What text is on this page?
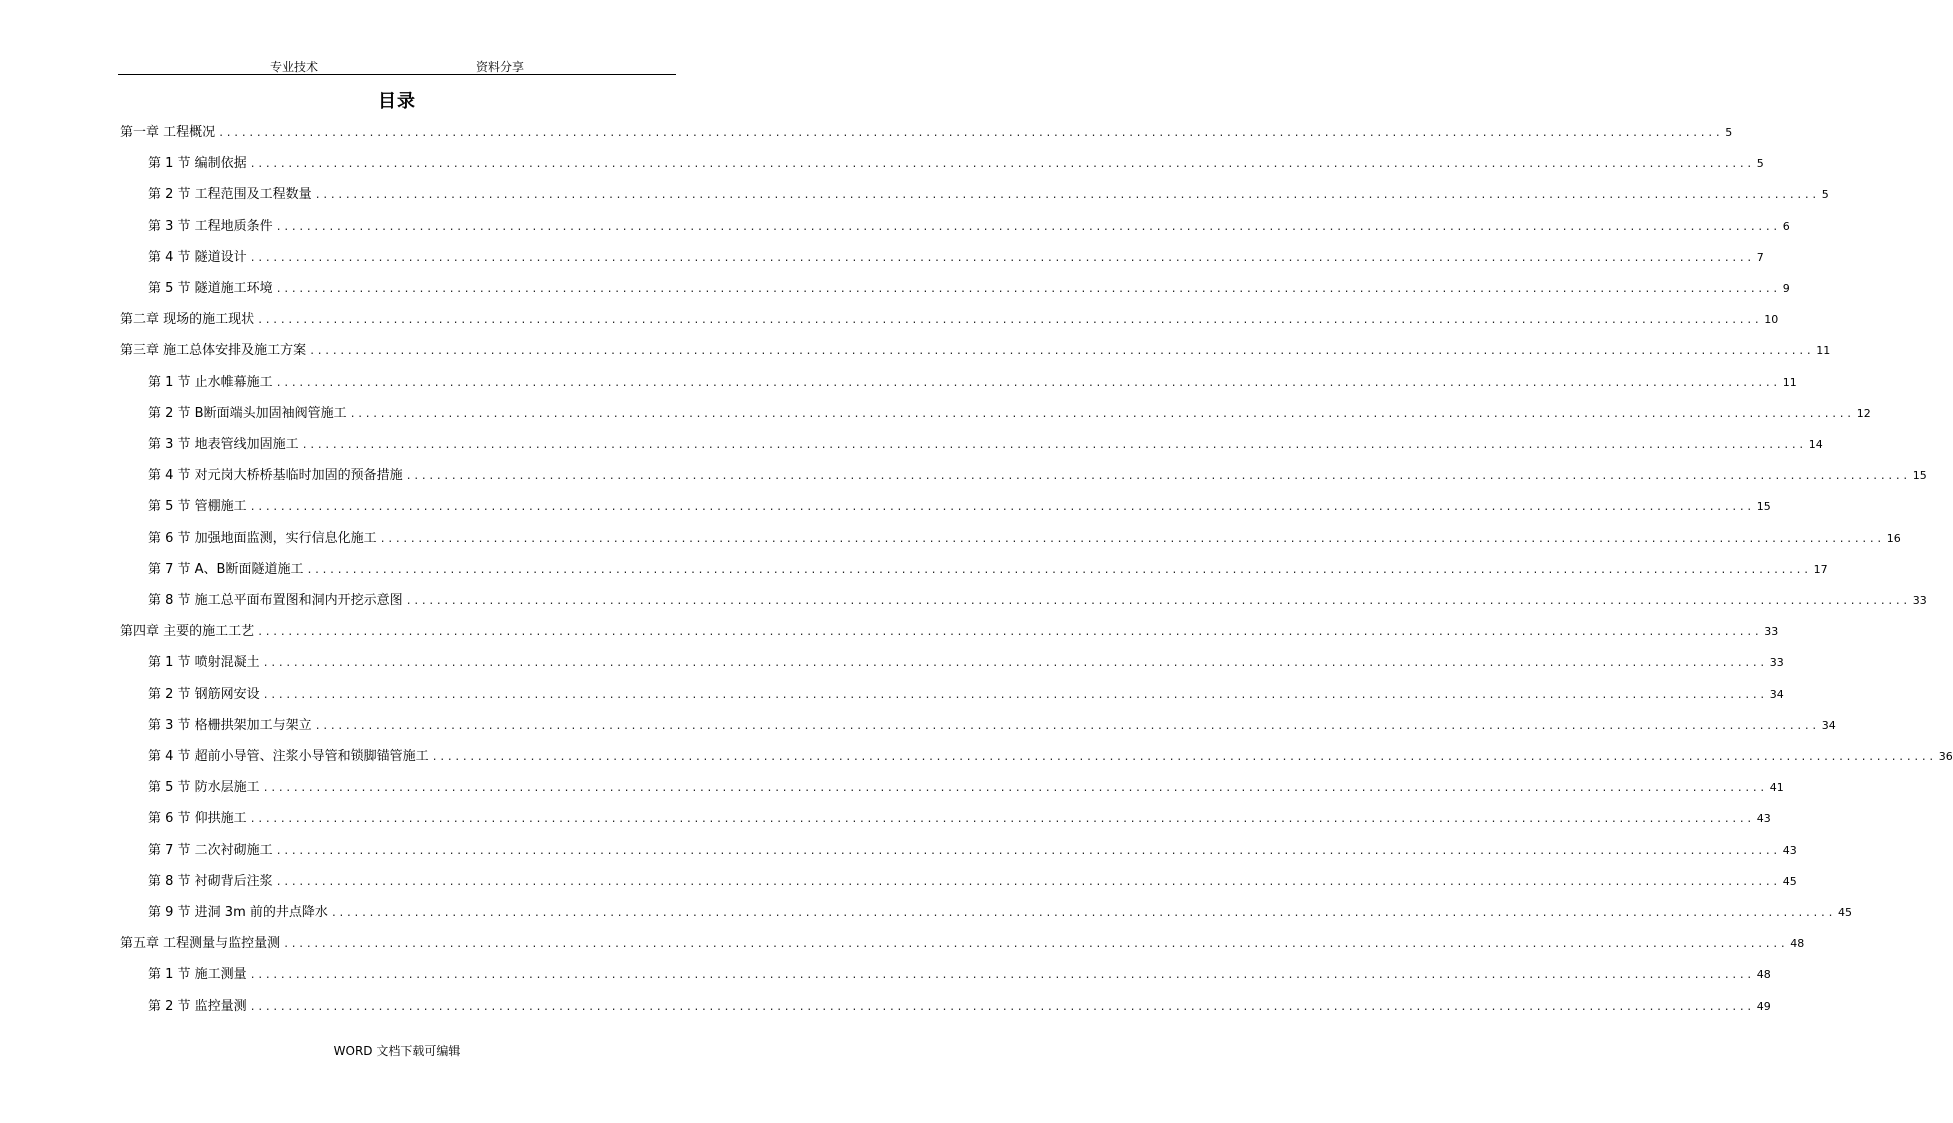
专业技术	资料分享
目录
第一章 工程概况 ........................................................................................................................................................................................................ 5
第 1 节 编制依据 ........................................................................................................................................................................................................ 5
第 2 节 工程范围及工程数量 ........................................................................................................................................................................................................ 5
第 3 节 工程地质条件 ........................................................................................................................................................................................................ 6
第 4 节 隧道设计 ........................................................................................................................................................................................................ 7
第 5 节 隧道施工环境 ........................................................................................................................................................................................................ 9
第二章 现场的施工现状 ........................................................................................................................................................................................................ 10
第三章 施工总体安排及施工方案 ........................................................................................................................................................................................................ 11
第 1 节 止水帷幕施工 ........................................................................................................................................................................................................ 11
第 2 节 B断面端头加固袖阀管施工 ........................................................................................................................................................................................................ 12
第 3 节 地表管线加固施工 ........................................................................................................................................................................................................ 14
第 4 节 对元岗大桥桥基临时加固的预备措施 ........................................................................................................................................................................................................ 15
第 5 节 管棚施工 ........................................................................................................................................................................................................ 15
第 6 节 加强地面监测，实行信息化施工 ........................................................................................................................................................................................................ 16
第 7 节 A、B断面隧道施工 ........................................................................................................................................................................................................ 17
第 8 节 施工总平面布置图和洞内开挖示意图 ........................................................................................................................................................................................................ 33
第四章 主要的施工工艺 ........................................................................................................................................................................................................ 33
第 1 节 喷射混凝土 ........................................................................................................................................................................................................ 33
第 2 节 钢筋网安设 ........................................................................................................................................................................................................ 34
第 3 节 格栅拱架加工与架立 ........................................................................................................................................................................................................ 34
第 4 节 超前小导管、注浆小导管和锁脚锚管施工 ........................................................................................................................................................................................................ 36
第 5 节 防水层施工 ........................................................................................................................................................................................................ 41
第 6 节 仰拱施工 ........................................................................................................................................................................................................ 43
第 7 节 二次衬砌施工 ........................................................................................................................................................................................................ 43
第 8 节 衬砌背后注浆 ........................................................................................................................................................................................................ 45
第 9 节 进洞 3m 前的井点降水 ........................................................................................................................................................................................................ 45
第五章 工程测量与监控量测 ........................................................................................................................................................................................................ 48
第 1 节 施工测量 ........................................................................................................................................................................................................ 48
第 2 节 监控量测 ........................................................................................................................................................................................................ 49
WORD 文档下载可编辑
